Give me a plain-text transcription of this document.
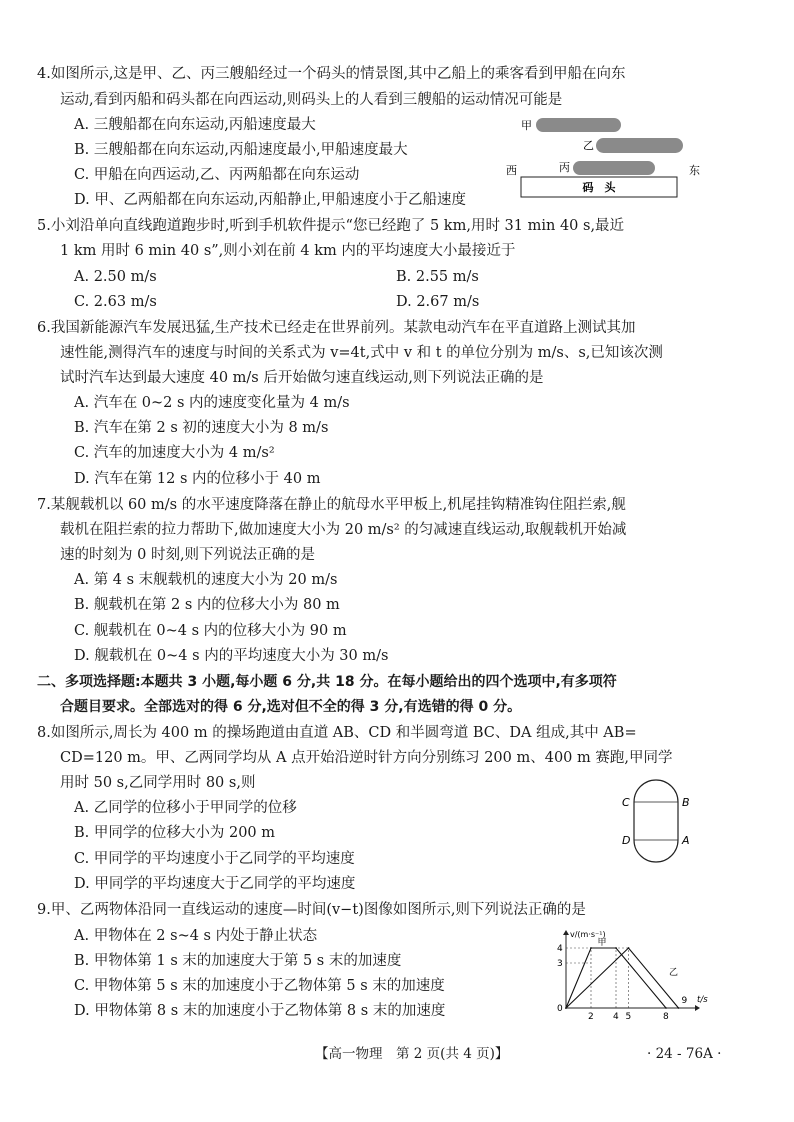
4.如图所示,这是甲、乙、丙三艘船经过一个码头的情景图,其中乙船上的乘客看到甲船在向东
运动,看到丙船和码头都在向西运动,则码头上的人看到三艘船的运动情况可能是
A. 三艘船都在向东运动,丙船速度最大
B. 三艘船都在向东运动,丙船速度最小,甲船速度最大
C. 甲船在向西运动,乙、丙两船都在向东运动
D. 甲、乙两船都在向东运动,丙船静止,甲船速度小于乙船速度
甲
乙
西	丙	东
码　头
5.小刘沿单向直线跑道跑步时,听到手机软件提示“您已经跑了 5 km,用时 31 min 40 s,最近
1 km 用时 6 min 40 s”,则小刘在前 4 km 内的平均速度大小最接近于
A. 2.50 m/s	B. 2.55 m/s
C. 2.63 m/s	D. 2.67 m/s
6.我国新能源汽车发展迅猛,生产技术已经走在世界前列。某款电动汽车在平直道路上测试其加
速性能,测得汽车的速度与时间的关系式为 v=4t,式中 v 和 t 的单位分别为 m/s、s,已知该次测
试时汽车达到最大速度 40 m/s 后开始做匀速直线运动,则下列说法正确的是
A. 汽车在 0~2 s 内的速度变化量为 4 m/s
B. 汽车在第 2 s 初的速度大小为 8 m/s
C. 汽车的加速度大小为 4 m/s²
D. 汽车在第 12 s 内的位移小于 40 m
7.某舰载机以 60 m/s 的水平速度降落在静止的航母水平甲板上,机尾挂钩精准钩住阻拦索,舰
载机在阻拦索的拉力帮助下,做加速度大小为 20 m/s² 的匀减速直线运动,取舰载机开始减
速的时刻为 0 时刻,则下列说法正确的是
A. 第 4 s 末舰载机的速度大小为 20 m/s
B. 舰载机在第 2 s 内的位移大小为 80 m
C. 舰载机在 0~4 s 内的位移大小为 90 m
D. 舰载机在 0~4 s 内的平均速度大小为 30 m/s
二、多项选择题:本题共 3 小题,每小题 6 分,共 18 分。在每小题给出的四个选项中,有多项符
合题目要求。全部选对的得 6 分,选对但不全的得 3 分,有选错的得 0 分。
8.如图所示,周长为 400 m 的操场跑道由直道 AB、CD 和半圆弯道 BC、DA 组成,其中 AB=
CD=120 m。甲、乙两同学均从 A 点开始沿逆时针方向分别练习 200 m、400 m 赛跑,甲同学
用时 50 s,乙同学用时 80 s,则
A. 乙同学的位移小于甲同学的位移
B. 甲同学的位移大小为 200 m
C. 甲同学的平均速度小于乙同学的平均速度
D. 甲同学的平均速度大于乙同学的平均速度
C	B
D	A
9.甲、乙两物体沿同一直线运动的速度—时间(v−t)图像如图所示,则下列说法正确的是
A. 甲物体在 2 s~4 s 内处于静止状态
B. 甲物体第 1 s 末的加速度大于第 5 s 末的加速度
C. 甲物体第 5 s 末的加速度小于乙物体第 5 s 末的加速度
D. 甲物体第 8 s 末的加速度小于乙物体第 8 s 末的加速度
甲
乙
v/(m·s⁻¹)
t/s
0
4
3
2 4 5	8
9
【高一物理　第 2 页(共 4 页)】	· 24 - 76A ·
